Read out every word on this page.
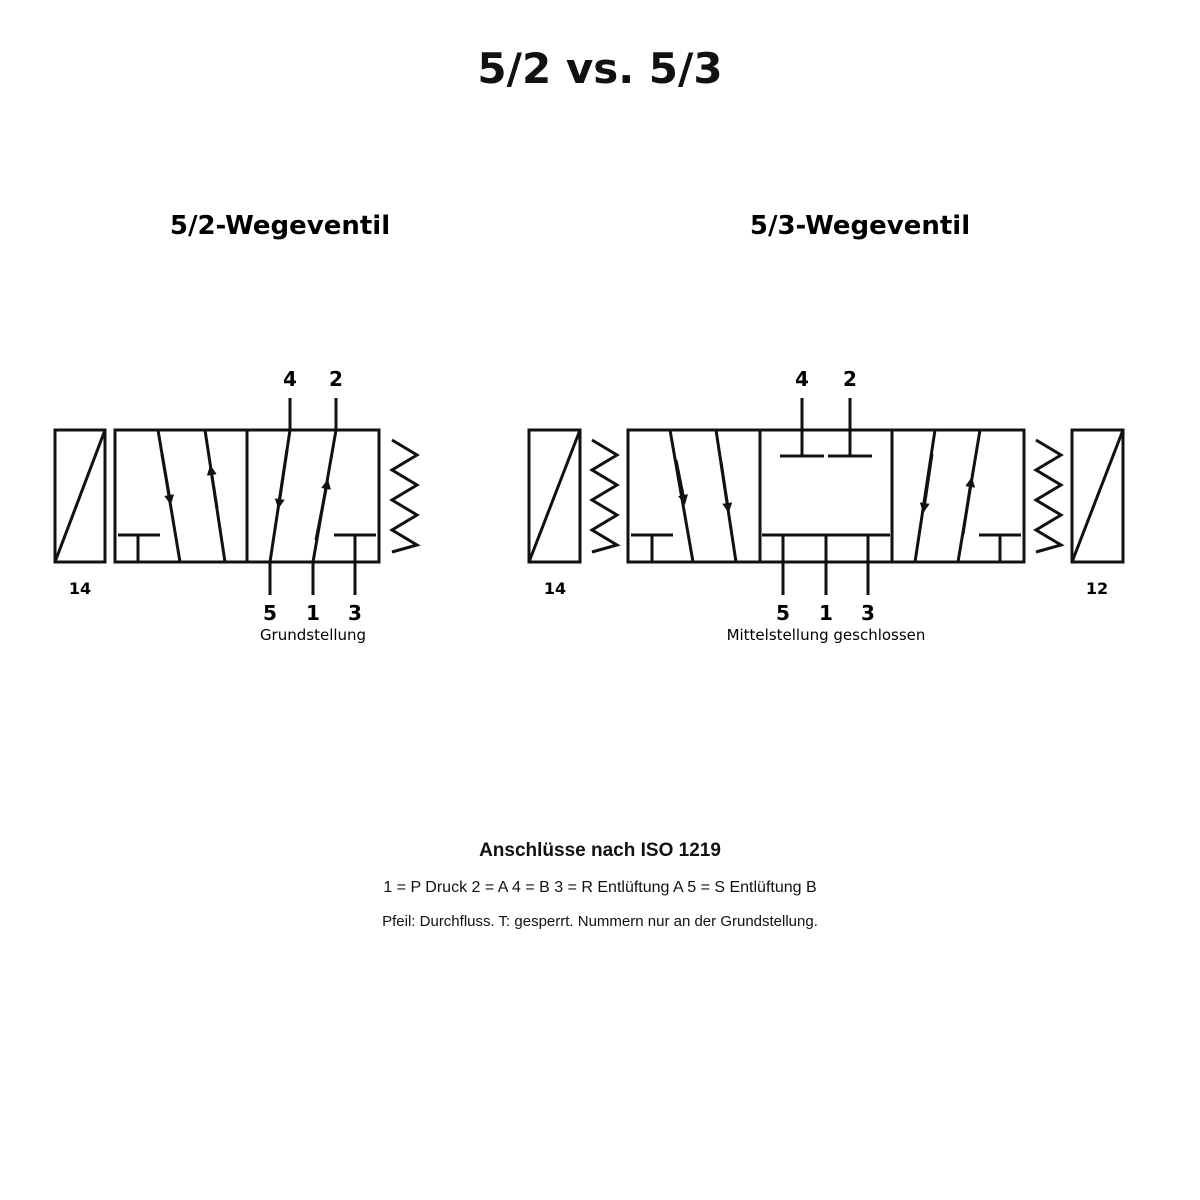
5/2 vs. 5/3
5/2-Wegeventil
4 2
5 1 3
14
Grundstellung
5/3-Wegeventil
4 2
5 1 3
14	12
Mittelstellung geschlossen
Anschlüsse nach ISO 1219
1 = P Druck 2 = A 4 = B 3 = R Entlüftung A 5 = S Entlüftung B
Pfeil: Durchfluss. T: gesperrt. Nummern nur an der Grundstellung.
